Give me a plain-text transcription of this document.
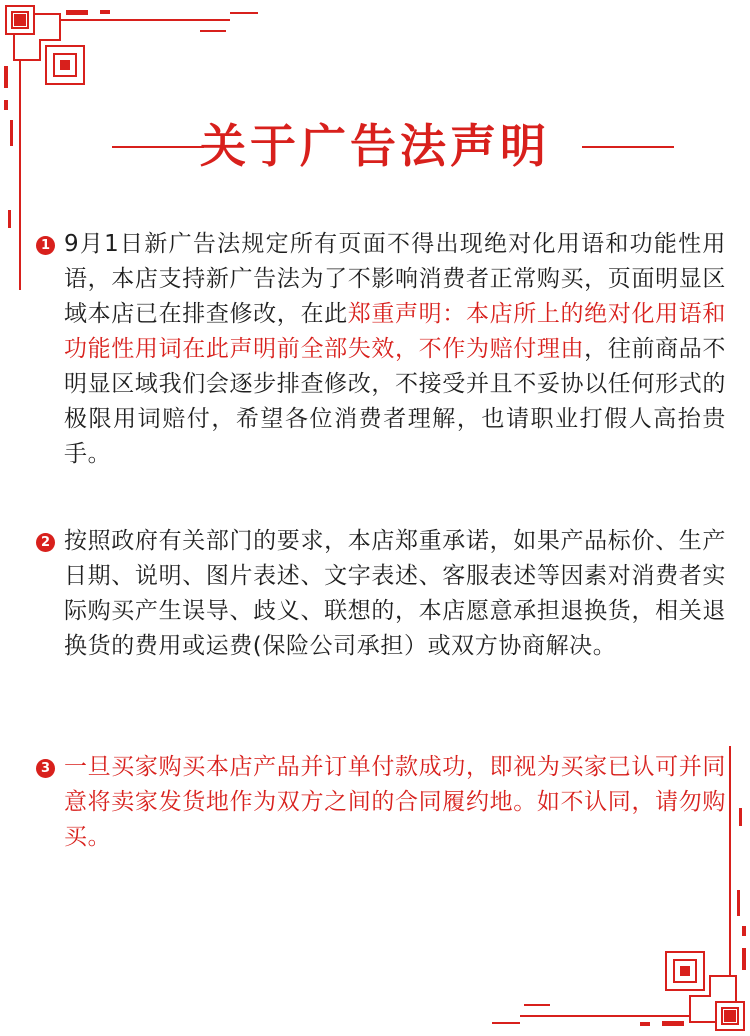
关于广告法声明
1 9月1日新广告法规定所有页面不得出现绝对化用语和功能性用语，本店支持新广告法为了不影响消费者正常购买，页面明显区域本店已在排查修改，在此郑重声明：本店所上的绝对化用语和功能性用词在此声明前全部失效，不作为赔付理由，往前商品不明显区域我们会逐步排查修改，不接受并且不妥协以任何形式的极限用词赔付，希望各位消费者理解，也请职业打假人高抬贵手。
2 按照政府有关部门的要求，本店郑重承诺，如果产品标价、生产日期、说明、图片表述、文字表述、客服表述等因素对消费者实际购买产生误导、歧义、联想的，本店愿意承担退换货，相关退换货的费用或运费(保险公司承担）或双方协商解决。
3 一旦买家购买本店产品并订单付款成功，即视为买家已认可并同意将卖家发货地作为双方之间的合同履约地。如不认同，请勿购买。
